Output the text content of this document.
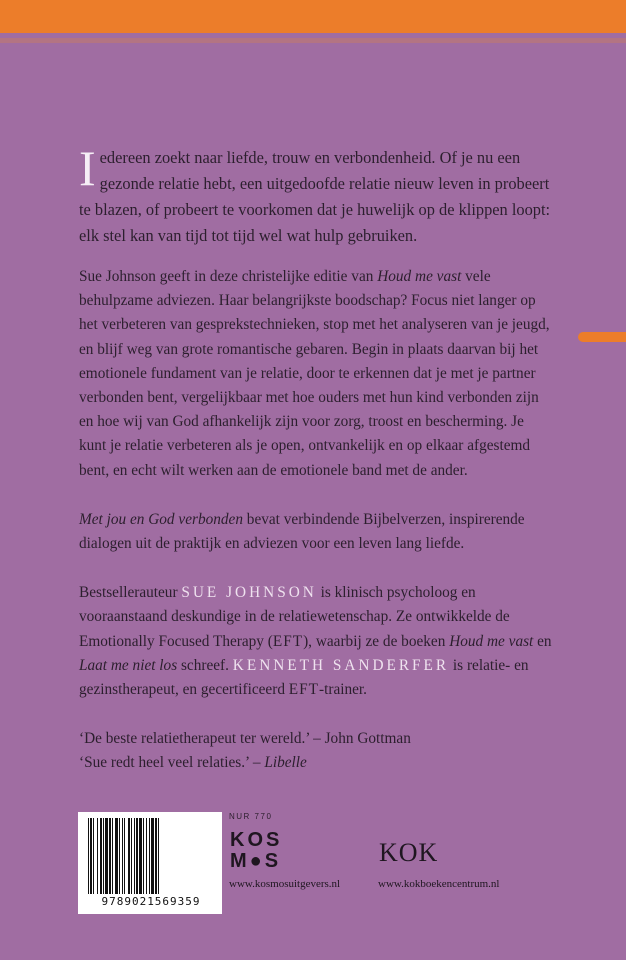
Iedereen zoekt naar liefde, trouw en verbondenheid. Of je nu een gezonde relatie hebt, een uitgedoofde relatie nieuw leven in probeert te blazen, of probeert te voorkomen dat je huwelijk op de klippen loopt: elk stel kan van tijd tot tijd wel wat hulp gebruiken.

Sue Johnson geeft in deze christelijke editie van Houd me vast vele behulpzame adviezen. Haar belangrijkste boodschap? Focus niet langer op het verbeteren van gesprekstechnieken, stop met het analyseren van je jeugd, en blijf weg van grote romantische gebaren. Begin in plaats daarvan bij het emotionele fundament van je relatie, door te erkennen dat je met je partner verbonden bent, vergelijkbaar met hoe ouders met hun kind verbonden zijn en hoe wij van God afhankelijk zijn voor zorg, troost en bescherming. Je kunt je relatie verbeteren als je open, ontvankelijk en op elkaar afgestemd bent, en echt wilt werken aan de emotionele band met de ander.

Met jou en God verbonden bevat verbindende Bijbelverzen, inspirerende dialogen uit de praktijk en adviezen voor een leven lang liefde.

Bestsellerauteur SUE JOHNSON is klinisch psycholoog en vooraanstaand deskundige in de relatiewetenschap. Ze ontwikkelde de Emotionally Focused Therapy (EFT), waarbij ze de boeken Houd me vast en Laat me niet los schreef. KENNETH SANDERFER is relatie- en gezinstherapeut, en gecertificeerd EFT-trainer.

‘De beste relatietherapeut ter wereld.’ – John Gottman

‘Sue redt heel veel relaties.’ – Libelle

9789021569359
NUR 770
KOS
M●S
www.kosmosuitgevers.nl
KOK
www.kokboekencentrum.nl
